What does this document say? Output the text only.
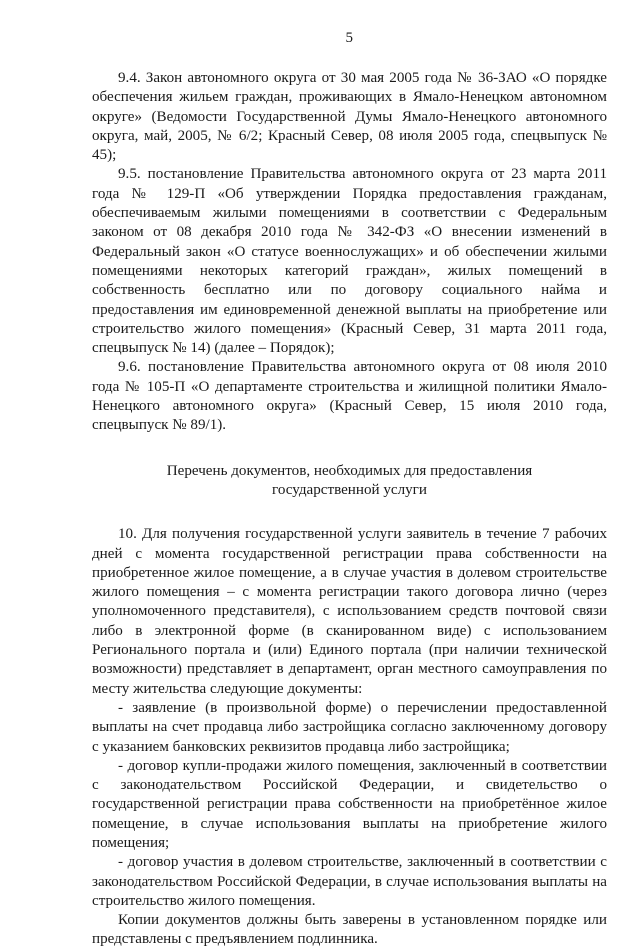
5

9.4. Закон автономного округа от 30 мая 2005 года № 36-ЗАО «О порядке обеспечения жильем граждан, проживающих в Ямало-Ненецком автономном округе» (Ведомости Государственной Думы Ямало-Ненецкого автономного округа, май, 2005, № 6/2; Красный Север, 08 июля 2005 года, спецвыпуск № 45);

9.5. постановление Правительства автономного округа от 23 марта 2011 года № 129-П «Об утверждении Порядка предоставления гражданам, обеспечиваемым жилыми помещениями в соответствии с Федеральным законом от 08 декабря 2010 года № 342-ФЗ «О внесении изменений в Федеральный закон «О статусе военнослужащих» и об обеспечении жилыми помещениями некоторых категорий граждан», жилых помещений в собственность бесплатно или по договору социального найма и предоставления им единовременной денежной выплаты на приобретение или строительство жилого помещения» (Красный Север, 31 марта 2011 года, спецвыпуск № 14) (далее – Порядок);

9.6. постановление Правительства автономного округа от 08 июля 2010 года № 105-П «О департаменте строительства и жилищной политики Ямало-Ненецкого автономного округа» (Красный Север, 15 июля 2010 года, спецвыпуск № 89/1).

Перечень документов, необходимых для предоставления
государственной услуги

10. Для получения государственной услуги заявитель в течение 7 рабочих дней с момента государственной регистрации права собственности на приобретенное жилое помещение, а в случае участия в долевом строительстве жилого помещения – с момента регистрации такого договора лично (через уполномоченного представителя), с использованием средств почтовой связи либо в электронной форме (в сканированном виде) с использованием Регионального портала и (или) Единого портала (при наличии технической возможности) представляет в департамент, орган местного самоуправления по месту жительства следующие документы:

- заявление (в произвольной форме) о перечислении предоставленной выплаты на счет продавца либо застройщика согласно заключенному договору с указанием банковских реквизитов продавца либо застройщика;

- договор купли-продажи жилого помещения, заключенный в соответствии с законодательством Российской Федерации, и свидетельство о государственной регистрации права собственности на приобретённое жилое помещение, в случае использования выплаты на приобретение жилого помещения;

- договор участия в долевом строительстве, заключенный в соответствии с законодательством Российской Федерации, в случае использования выплаты на строительство жилого помещения.

Копии документов должны быть заверены в установленном порядке или представлены с предъявлением подлинника.
